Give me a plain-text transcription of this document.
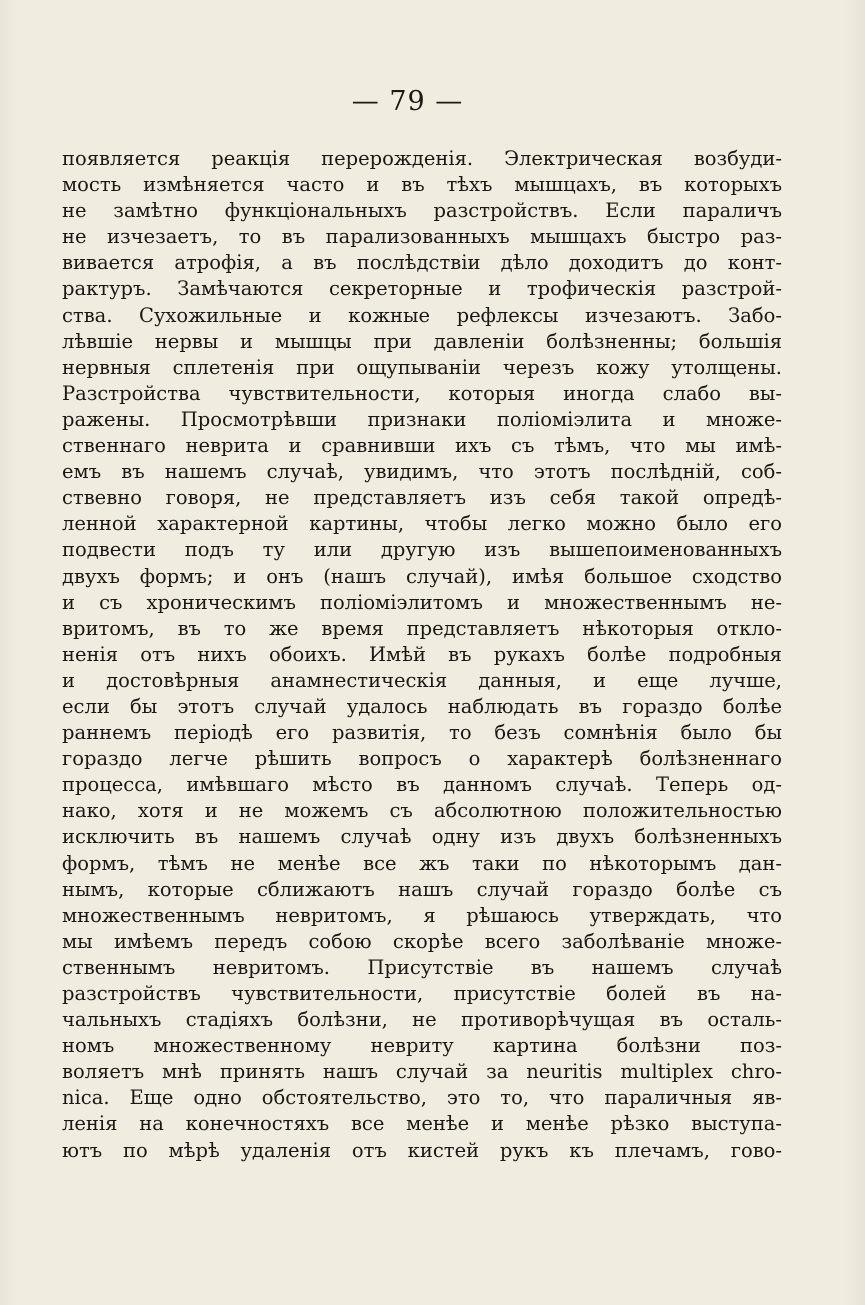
— 79 —
появляется реакція перерожденія. Электрическая возбуди-
мость измѣняется часто и въ тѣхъ мышцахъ, въ которыхъ
не замѣтно функціональныхъ разстройствъ. Если параличъ
не изчезаетъ, то въ парализованныхъ мышцахъ быстро раз-
вивается атрофія, а въ послѣдствіи дѣло доходитъ до конт-
рактуръ. Замѣчаются секреторные и трофическія разстрой-
ства. Сухожильные и кожные рефлексы изчезаютъ. Забо-
лѣвшіе нервы и мышцы при давленіи болѣзненны; большія
нервныя сплетенія при ощупываніи черезъ кожу утолщены.
Разстройства чувствительности, которыя иногда слабо вы-
ражены. Просмотрѣвши признаки поліоміэлита и множе-
ственнаго неврита и сравнивши ихъ съ тѣмъ, что мы имѣ-
емъ въ нашемъ случаѣ, увидимъ, что этотъ послѣдній, соб-
ствевно говоря, не представляетъ изъ себя такой опредѣ-
ленной характерной картины, чтобы легко можно было его
подвести подъ ту или другую изъ вышепоименованныхъ
двухъ формъ; и онъ (нашъ случай), имѣя большое сходство
и съ хроническимъ поліоміэлитомъ и множественнымъ не-
вритомъ, въ то же время представляетъ нѣкоторыя откло-
ненія отъ нихъ обоихъ. Имѣй въ рукахъ болѣе подробныя
и достовѣрныя анамнестическія данныя, и еще лучше,
если бы этотъ случай удалось наблюдать въ гораздо болѣе
раннемъ періодѣ его развитія, то безъ сомнѣнія было бы
гораздо легче рѣшить вопросъ о характерѣ болѣзненнаго
процесса, имѣвшаго мѣсто въ данномъ случаѣ. Теперь од-
нако, хотя и не можемъ съ абсолютною положительностью
исключить въ нашемъ случаѣ одну изъ двухъ болѣзненныхъ
формъ, тѣмъ не менѣе все жъ таки по нѣкоторымъ дан-
нымъ, которые сближаютъ нашъ случай гораздо болѣе съ
множественнымъ невритомъ, я рѣшаюсь утверждать, что
мы имѣемъ передъ собою скорѣе всего заболѣваніе множе-
ственнымъ невритомъ. Присутствіе въ нашемъ случаѣ
разстройствъ чувствительности, присутствіе болей въ на-
чальныхъ стадіяхъ болѣзни, не противорѣчущая въ осталь-
номъ множественному невриту картина болѣзни поз-
воляетъ мнѣ принять нашъ случай за neuritis multiplex chro-
nica. Еще одно обстоятельство, это то, что параличныя яв-
ленія на конечностяхъ все менѣе и менѣе рѣзко выступа-
ютъ по мѣрѣ удаленія отъ кистей рукъ къ плечамъ, гово-
